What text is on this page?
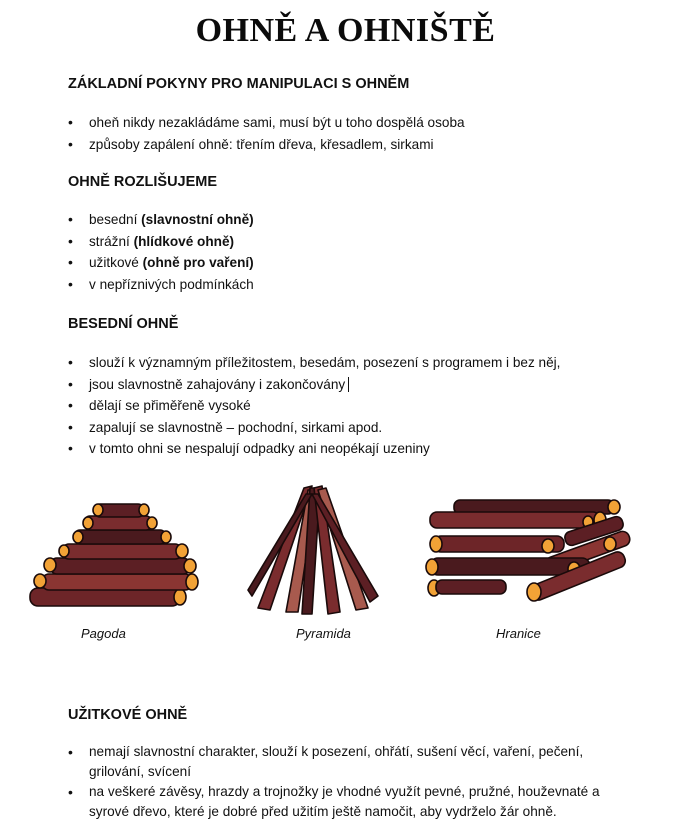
OHNĚ A OHNIŠTĚ
ZÁKLADNÍ POKYNY PRO MANIPULACI S OHNĚM
• oheň nikdy nezakládáme sami, musí být u toho dospělá osoba
• způsoby zapálení ohně: třením dřeva, křesadlem, sirkami
OHNĚ ROZLIŠUJEME
• besední (slavnostní ohně)
• strážní (hlídkové ohně)
• užitkové (ohně pro vaření)
• v nepříznivých podmínkách
BESEDNÍ OHNĚ
• slouží k významným příležitostem, besedám, posezení s programem i bez něj,
• jsou slavnostně zahajovány i zakončovány
• dělají se přiměřeně vysoké
• zapalují se slavnostně – pochodní, sirkami apod.
• v tomto ohni se nespalují odpadky ani neopékají uzeniny
Pagoda	Pyramida	Hranice
UŽITKOVÉ OHNĚ
• nemají slavnostní charakter, slouží k posezení, ohřátí, sušení věcí, vaření, pečení, grilování, svícení
• na veškeré závěsy, hrazdy a trojnožky je vhodné využít pevné, pružné, houževnaté a syrové dřevo, které je dobré před užitím ještě namočit, aby vydrželo žár ohně.
